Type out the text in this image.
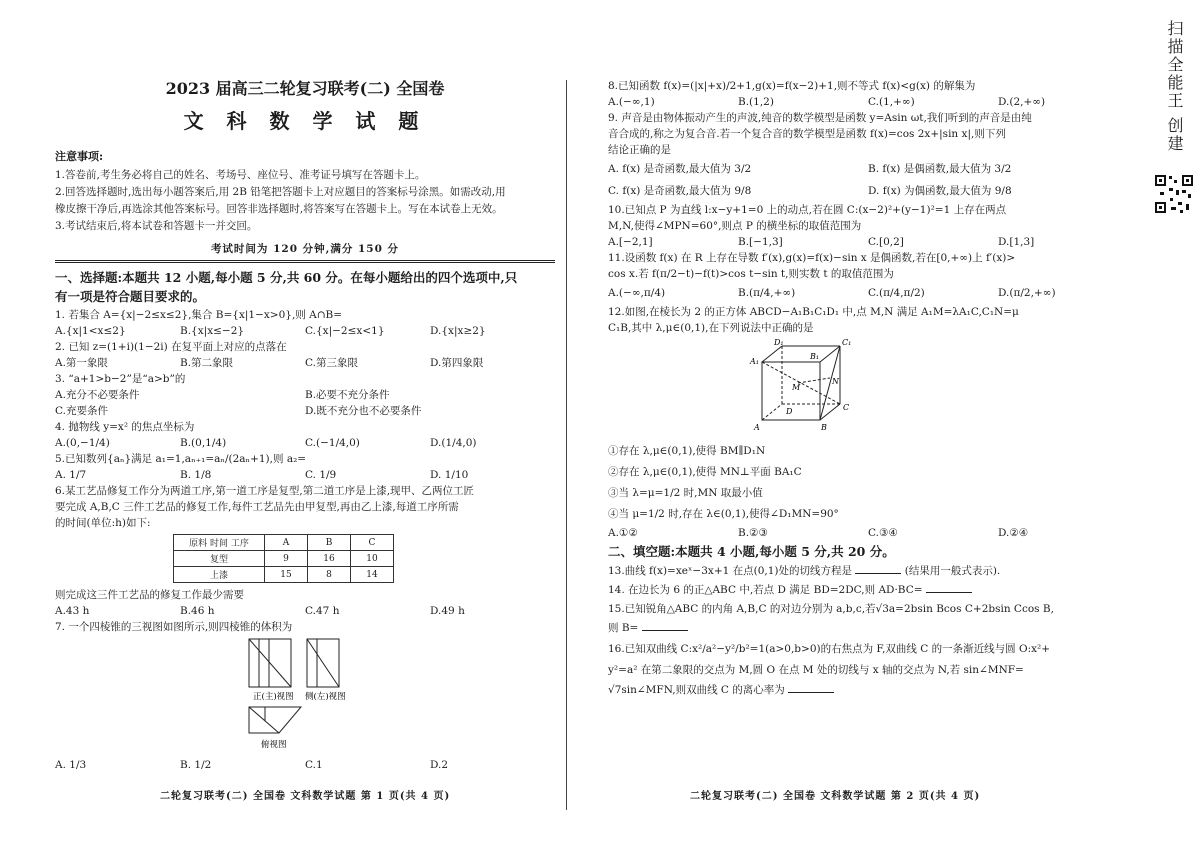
2023 届高三二轮复习联考(二) 全国卷
文 科 数 学 试 题
注意事项:
1.答卷前,考生务必将自己的姓名、考场号、座位号、准考证号填写在答题卡上。
2.回答选择题时,选出每小题答案后,用 2B 铅笔把答题卡上对应题目的答案标号涂黑。如需改动,用
橡皮擦干净后,再选涂其他答案标号。回答非选择题时,将答案写在答题卡上。写在本试卷上无效。
3.考试结束后,将本试卷和答题卡一并交回。
考试时间为 120 分钟,满分 150 分
一、选择题:本题共 12 小题,每小题 5 分,共 60 分。在每小题给出的四个选项中,只
有一项是符合题目要求的。
1. 若集合 A={x|−2≤x≤2},集合 B={x|1−x>0},则 A∩B=
A.{x|1<x≤2}	B.{x|x≤−2}	C.{x|−2≤x<1}	D.{x|x≥2}
2. 已知 z=(1+i)(1−2i) 在复平面上对应的点落在
A.第一象限	B.第二象限	C.第三象限	D.第四象限
3. “a+1>b−2”是“a>b”的
A.充分不必要条件	B.必要不充分条件
C.充要条件	D.既不充分也不必要条件
4. 抛物线 y=x² 的焦点坐标为
A.(0,−1/4)	B.(0,1/4)	C.(−1/4,0)	D.(1/4,0)
5.已知数列{aₙ}满足 a₁=1,aₙ₊₁=aₙ/(2aₙ+1),则 a₂=
A. 1/7	B. 1/8	C. 1/9	D. 1/10
6.某工艺品修复工作分为两道工序,第一道工序是复型,第二道工序是上漆,现甲、乙两位工匠
要完成 A,B,C 三件工艺品的修复工作,每件工艺品先由甲复型,再由乙上漆,每道工序所需
的时间(单位:h)如下:
原料 时间 工序	A	B	C
复型	9	16	10
上漆	15	8	14
则完成这三件工艺品的修复工作最少需要
A.43 h	B.46 h	C.47 h	D.49 h
7. 一个四棱锥的三视图如图所示,则四棱锥的体积为
正(主)视图 侧(左)视图
俯视图
A. 1/3	B. 1/2	C.1	D.2
二轮复习联考(二) 全国卷 文科数学试题 第 1 页(共 4 页)
8.已知函数 f(x)=(|x|+x)/2+1,g(x)=f(x−2)+1,则不等式 f(x)<g(x) 的解集为
A.(−∞,1)	B.(1,2)	C.(1,+∞)	D.(2,+∞)
9. 声音是由物体振动产生的声波,纯音的数学模型是函数 y=Asin ωt,我们听到的声音是由纯
音合成的,称之为复合音.若一个复合音的数学模型是函数 f(x)=cos 2x+|sin x|,则下列
结论正确的是
A. f(x) 是奇函数,最大值为 3/2	B. f(x) 是偶函数,最大值为 3/2
C. f(x) 是奇函数,最大值为 9/8	D. f(x) 为偶函数,最大值为 9/8
10.已知点 P 为直线 l:x−y+1=0 上的动点,若在圆 C:(x−2)²+(y−1)²=1 上存在两点
M,N,使得∠MPN=60°,则点 P 的横坐标的取值范围为
A.[−2,1]	B.[−1,3]	C.[0,2]	D.[1,3]
11.设函数 f(x) 在 R 上存在导数 f′(x),g(x)=f(x)−sin x 是偶函数,若在[0,+∞)上 f′(x)>
cos x.若 f(π/2−t)−f(t)>cos t−sin t,则实数 t 的取值范围为
A.(−∞,π/4)	B.(π/4,+∞)	C.(π/4,π/2)	D.(π/2,+∞)
12.如图,在棱长为 2 的正方体 ABCD−A₁B₁C₁D₁ 中,点 M,N 满足 A₁M=λA₁C,C₁N=μ
C₁B,其中 λ,μ∈(0,1),在下列说法中正确的是
D₁	C₁
A₁
B₁
M
N
D	C
A	B
①存在 λ,μ∈(0,1),使得 BM∥D₁N
②存在 λ,μ∈(0,1),使得 MN⊥平面 BA₁C
③当 λ=μ=1/2 时,MN 取最小值
④当 μ=1/2 时,存在 λ∈(0,1),使得∠D₁MN=90°
A.①②	B.②③	C.③④	D.②④
二、填空题:本题共 4 小题,每小题 5 分,共 20 分。
13.曲线 f(x)=xeˣ−3x+1 在点(0,1)处的切线方程是	(结果用一般式表示).
14. 在边长为 6 的正△ABC 中,若点 D 满足 BD=2DC,则 AD·BC=
15.已知锐角△ABC 的内角 A,B,C 的对边分别为 a,b,c,若√3a=2bsin Bcos C+2bsin Ccos B,
则 B=
16.已知双曲线 C:x²/a²−y²/b²=1(a>0,b>0)的右焦点为 F,双曲线 C 的一条渐近线与圆 O:x²+
y²=a² 在第二象限的交点为 M,圆 O 在点 M 处的切线与 x 轴的交点为 N,若 sin∠MNF=
√7sin∠MFN,则双曲线 C 的离心率为
二轮复习联考(二) 全国卷 文科数学试题 第 2 页(共 4 页)
扫描全能王 创建
